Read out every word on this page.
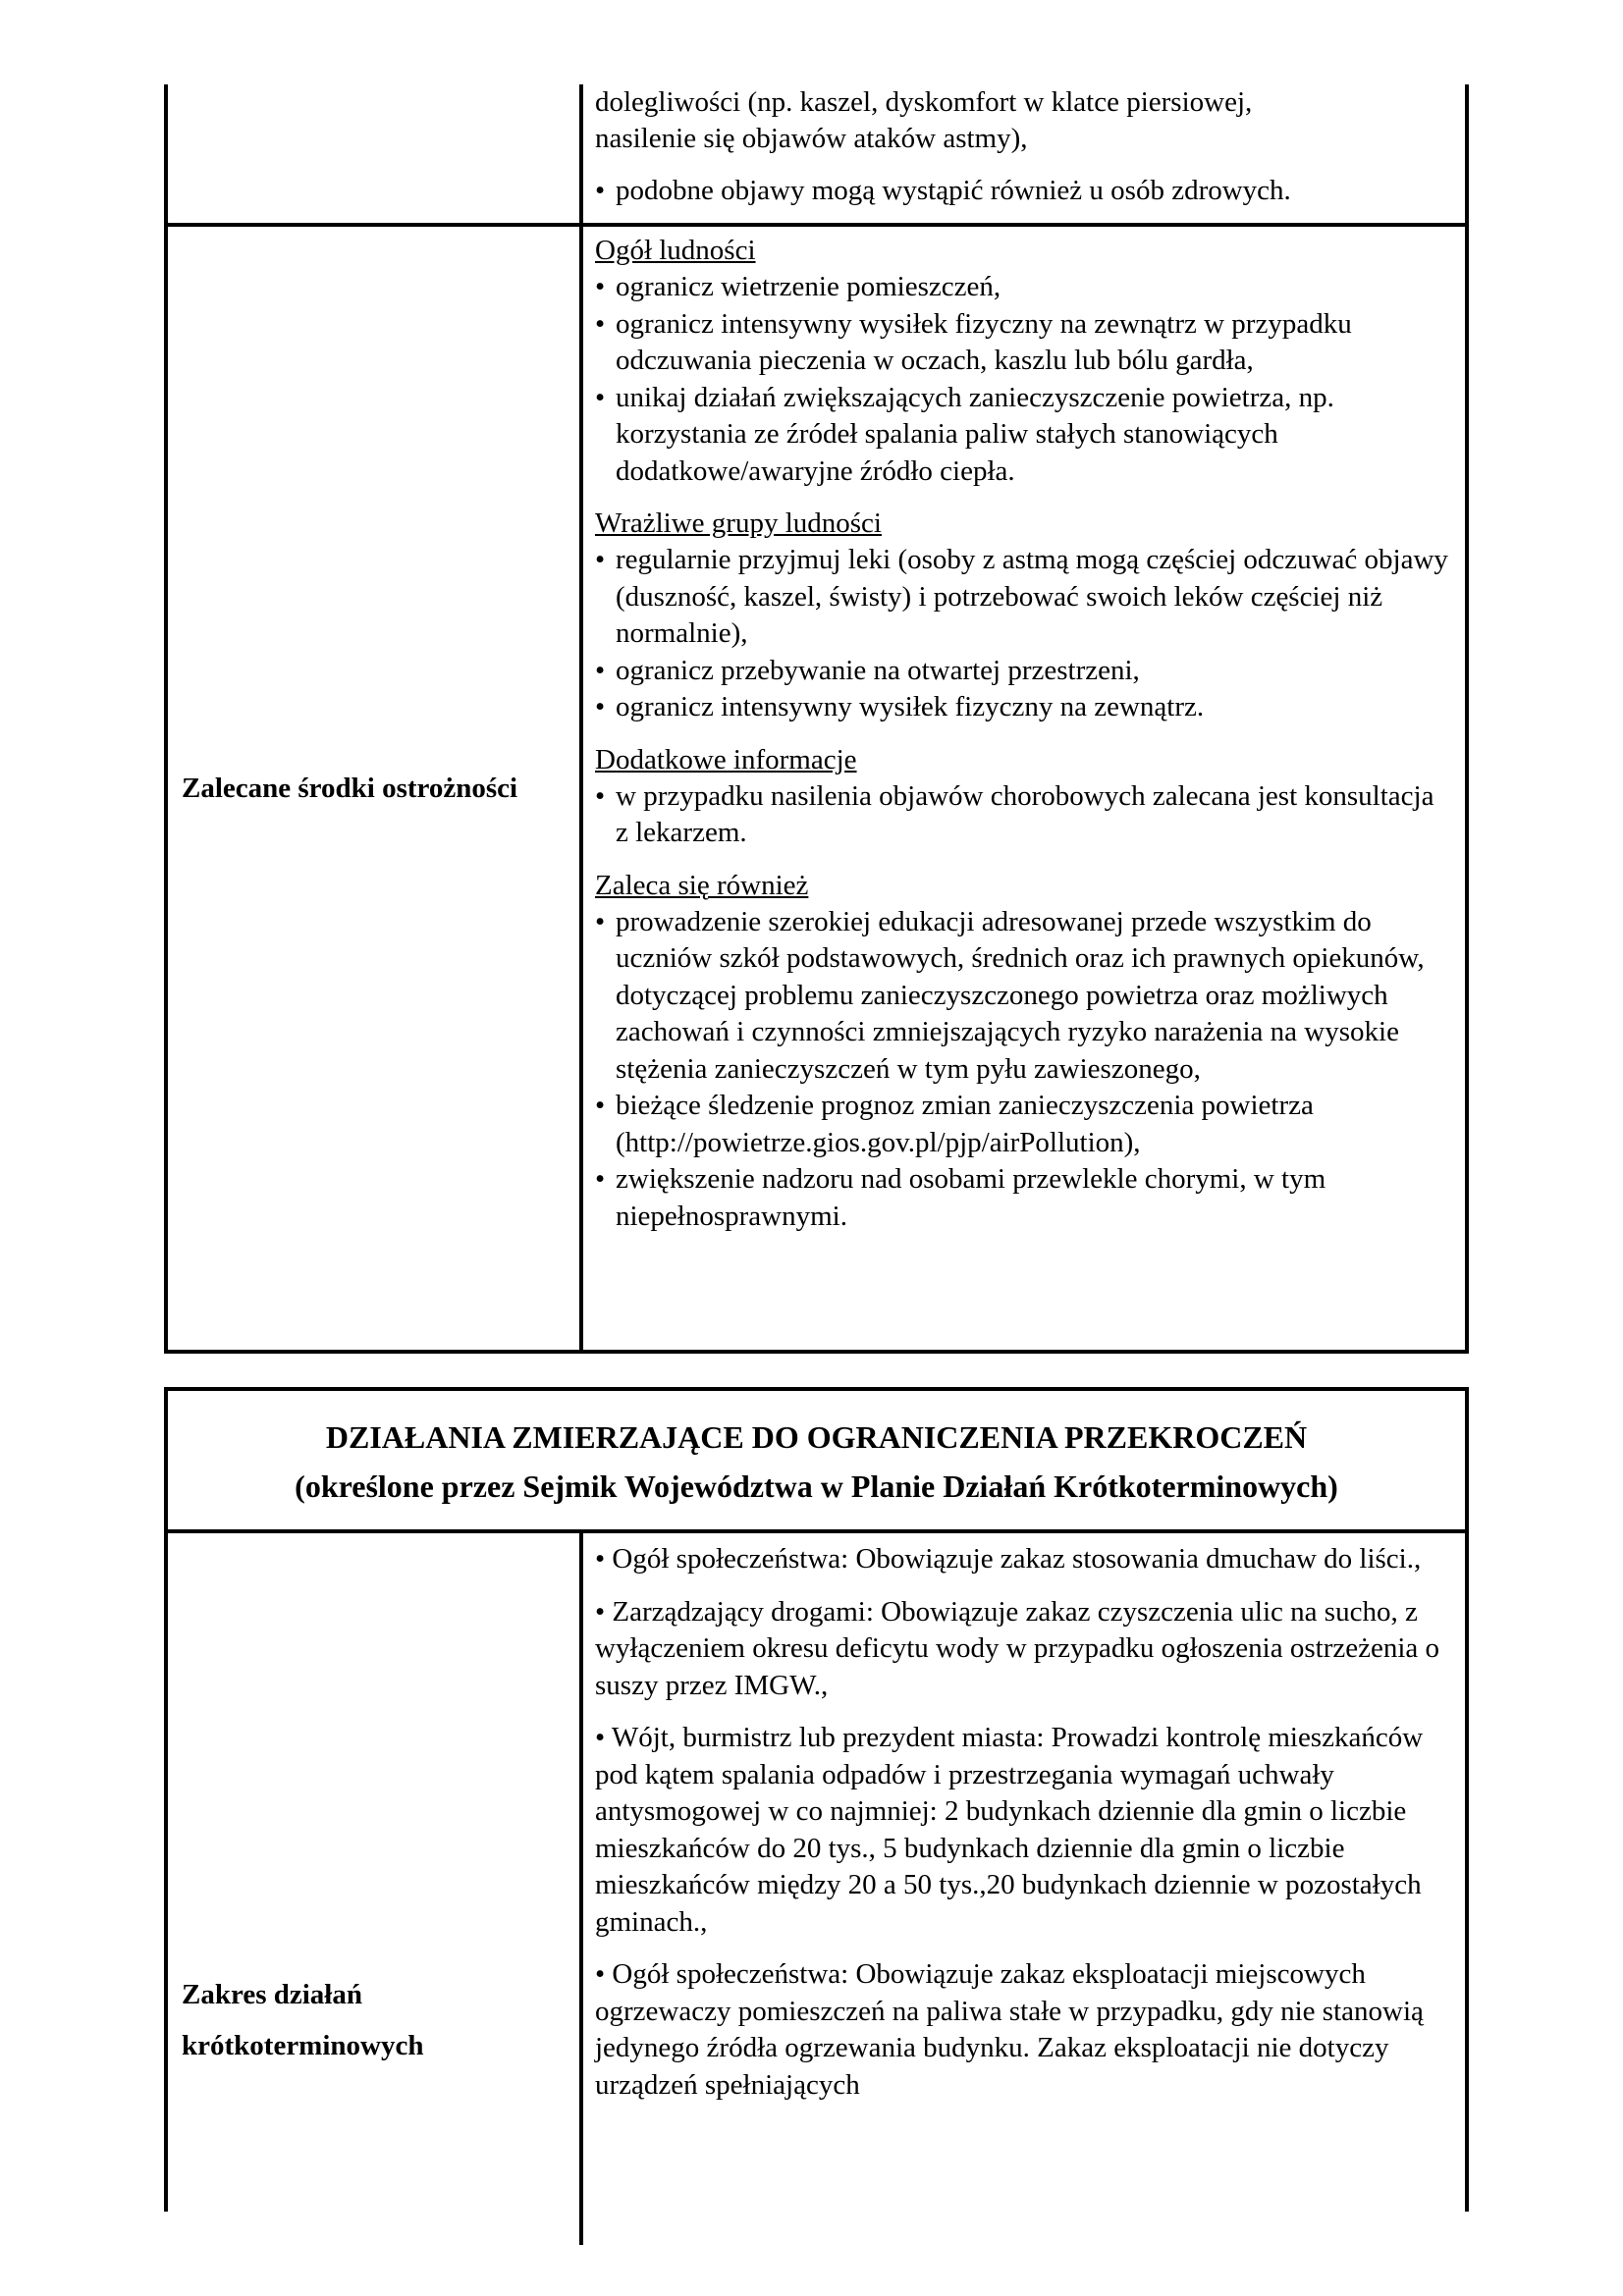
dolegliwości (np. kaszel, dyskomfort w klatce piersiowej,

nasilenie się objawów ataków astmy),

• podobne objawy mogą wystąpić również u osób zdrowych.
Zalecane środki ostrożności

Ogół ludności

• ogranicz wietrzenie pomieszczeń,
• ogranicz intensywny wysiłek fizyczny na zewnątrz w przypadku odczuwania pieczenia w oczach, kaszlu lub bólu gardła,
• unikaj działań zwiększających zanieczyszczenie powietrza, np. korzystania ze źródeł spalania paliw stałych stanowiących dodatkowe/awaryjne źródło ciepła.

Wrażliwe grupy ludności

• regularnie przyjmuj leki (osoby z astmą mogą częściej odczuwać objawy (duszność, kaszel, świsty) i potrzebować swoich leków częściej niż normalnie),
• ogranicz przebywanie na otwartej przestrzeni,
• ogranicz intensywny wysiłek fizyczny na zewnątrz.

Dodatkowe informacje

• w przypadku nasilenia objawów chorobowych zalecana jest konsultacja z lekarzem.

Zaleca się również

• prowadzenie szerokiej edukacji adresowanej przede wszystkim do uczniów szkół podstawowych, średnich oraz ich prawnych opiekunów, dotyczącej problemu zanieczyszczonego powietrza oraz możliwych zachowań i czynności zmniejszających ryzyko narażenia na wysokie stężenia zanieczyszczeń w tym pyłu zawieszonego,
• bieżące śledzenie prognoz zmian zanieczyszczenia powietrza (http://powietrze.gios.gov.pl/pjp/airPollution),
• zwiększenie nadzoru nad osobami przewlekle chorymi, w tym niepełnosprawnymi.
DZIAŁANIA ZMIERZAJĄCE DO OGRANICZENIA PRZEKROCZEŃ
(określone przez Sejmik Województwa w Planie Działań Krótkoterminowych)
Zakres działań
krótkoterminowych

• Ogół społeczeństwa: Obowiązuje zakaz stosowania dmuchaw do liści.,

• Zarządzający drogami: Obowiązuje zakaz czyszczenia ulic na sucho, z wyłączeniem okresu deficytu wody w przypadku ogłoszenia ostrzeżenia o suszy przez IMGW.,

• Wójt, burmistrz lub prezydent miasta: Prowadzi kontrolę mieszkańców pod kątem spalania odpadów i przestrzegania wymagań uchwały antysmogowej w co najmniej: 2 budynkach dziennie dla gmin o liczbie mieszkańców do 20 tys., 5 budynkach dziennie dla gmin o liczbie mieszkańców między 20 a 50 tys.,20 budynkach dziennie w pozostałych gminach.,

• Ogół społeczeństwa: Obowiązuje zakaz eksploatacji miejscowych ogrzewaczy pomieszczeń na paliwa stałe w przypadku, gdy nie stanowią jedynego źródła ogrzewania budynku. Zakaz eksploatacji nie dotyczy urządzeń spełniających
